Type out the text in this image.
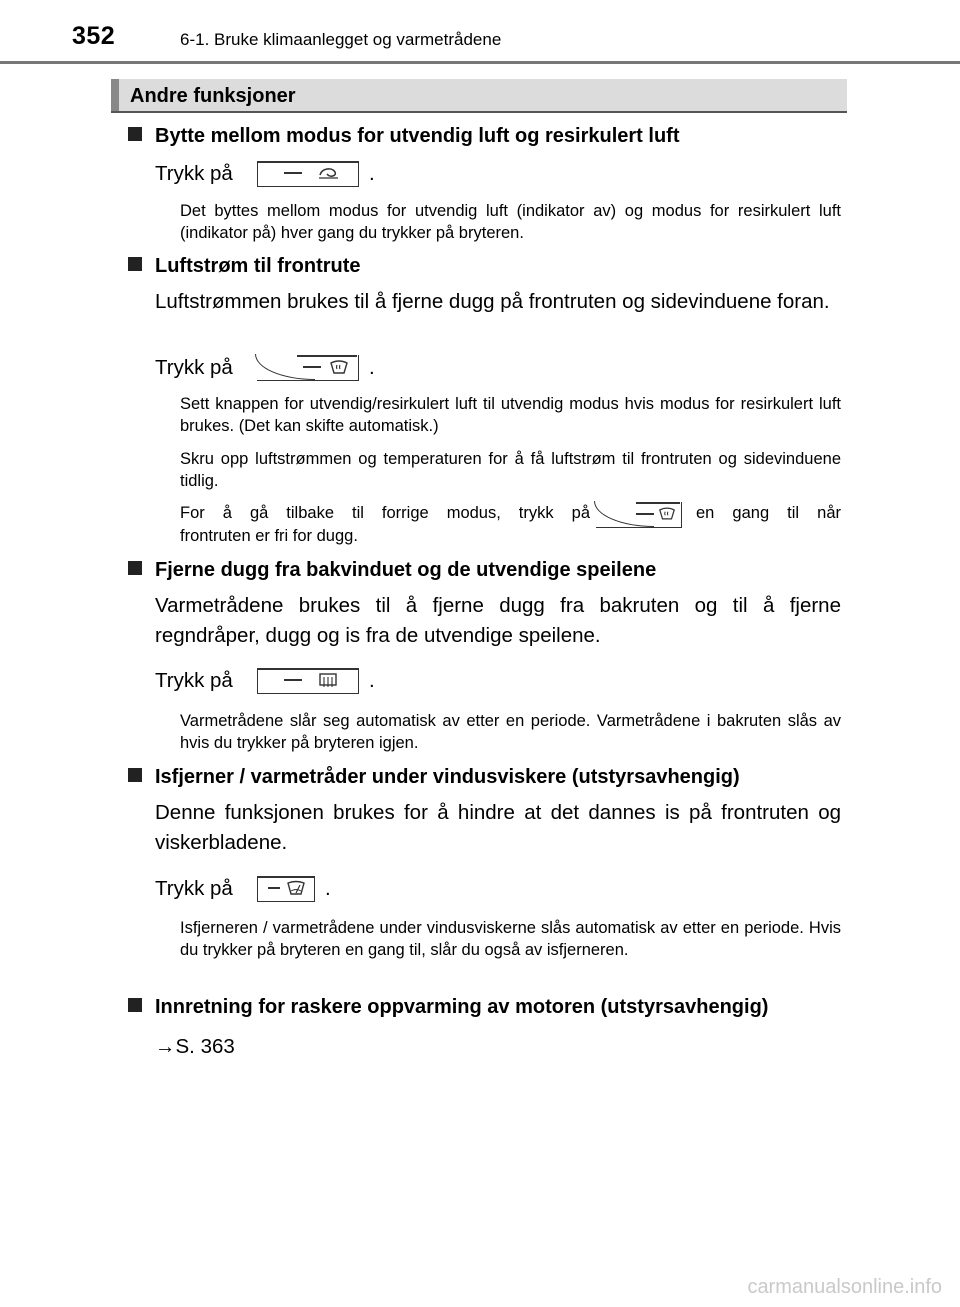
352	6-1. Bruke klimaanlegget og varmetrådene
Andre funksjoner
Bytte mellom modus for utvendig luft og resirkulert luft
Trykk på	.
Det byttes mellom modus for utvendig luft (indikator av) og modus for resirkulert luft (indikator på) hver gang du trykker på bryteren.
Luftstrøm til frontrute
Luftstrømmen brukes til å fjerne dugg på frontruten og sidevinduene foran.
Trykk på	.
Sett knappen for utvendig/resirkulert luft til utvendig modus hvis modus for resirkulert luft brukes. (Det kan skifte automatisk.)
Skru opp luftstrømmen og temperaturen for å få luftstrøm til frontruten og sidevinduene tidlig.
For å gå tilbake til forrige modus, trykk på	en gang til når
frontruten er fri for dugg.
Fjerne dugg fra bakvinduet og de utvendige speilene
Varmetrådene brukes til å fjerne dugg fra bakruten og til å fjerne regndråper, dugg og is fra de utvendige speilene.
Trykk på	.
Varmetrådene slår seg automatisk av etter en periode. Varmetrådene i bakruten slås av hvis du trykker på bryteren igjen.
Isfjerner / varmetråder under vindusviskere (utstyrsavhengig)
Denne funksjonen brukes for å hindre at det dannes is på frontruten og viskerbladene.
Trykk på	.
Isfjerneren / varmetrådene under vindusviskerne slås automatisk av etter en periode. Hvis du trykker på bryteren en gang til, slår du også av isfjerneren.
Innretning for raskere oppvarming av motoren (utstyrsavhengig)
→S. 363
carmanualsonline.info
